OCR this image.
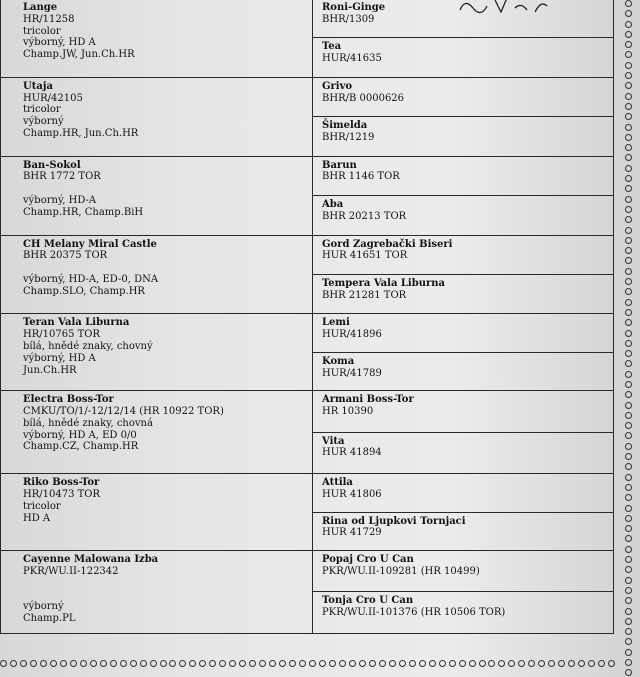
Lange
HR/11258
tricolor
výborný, HD A
Champ.JW, Jun.Ch.HR	Roni-Ginge
BHR/1309

	Tea
HUR/41635

Utaja
HUR/42105
tricolor
výborný
Champ.HR, Jun.Ch.HR	Grivo
BHR/B 0000626

	Šimelda
BHR/1219

Ban-Sokol
BHR 1772 TOR
výborný, HD-A
Champ.HR, Champ.BiH	Barun
BHR 1146 TOR

	Aba
BHR 20213 TOR

CH Melany Miral Castle
BHR 20375 TOR
výborný, HD-A, ED-0, DNA
Champ.SLO, Champ.HR	Gord Zagrebački Biseri
HUR 41651 TOR

	Tempera Vala Liburna
BHR 21281 TOR

Teran Vala Liburna
HR/10765 TOR
bílá, hnědé znaky, chovný
výborný, HD A
Jun.Ch.HR	Lemi
HUR/41896

	Koma
HUR/41789

Electra Boss-Tor
CMKU/TO/1/-12/12/14 (HR 10922 TOR)
bílá, hnědé znaky, chovná
výborný, HD A, ED 0/0
Champ.CZ, Champ.HR	Armani Boss-Tor
HR 10390

	Vita
HUR 41894

Riko Boss-Tor
HR/10473 TOR
tricolor
HD A	Attila
HUR 41806

	Rina od Ljupkovi Tornjaci
HUR 41729

Cayenne Malowana Izba
PKR/WU.II-122342
výborný
Champ.PL	Popaj Cro U Can
PKR/WU.II-109281 (HR 10499)

	Tonja Cro U Can
PKR/WU.II-101376 (HR 10506 TOR)
